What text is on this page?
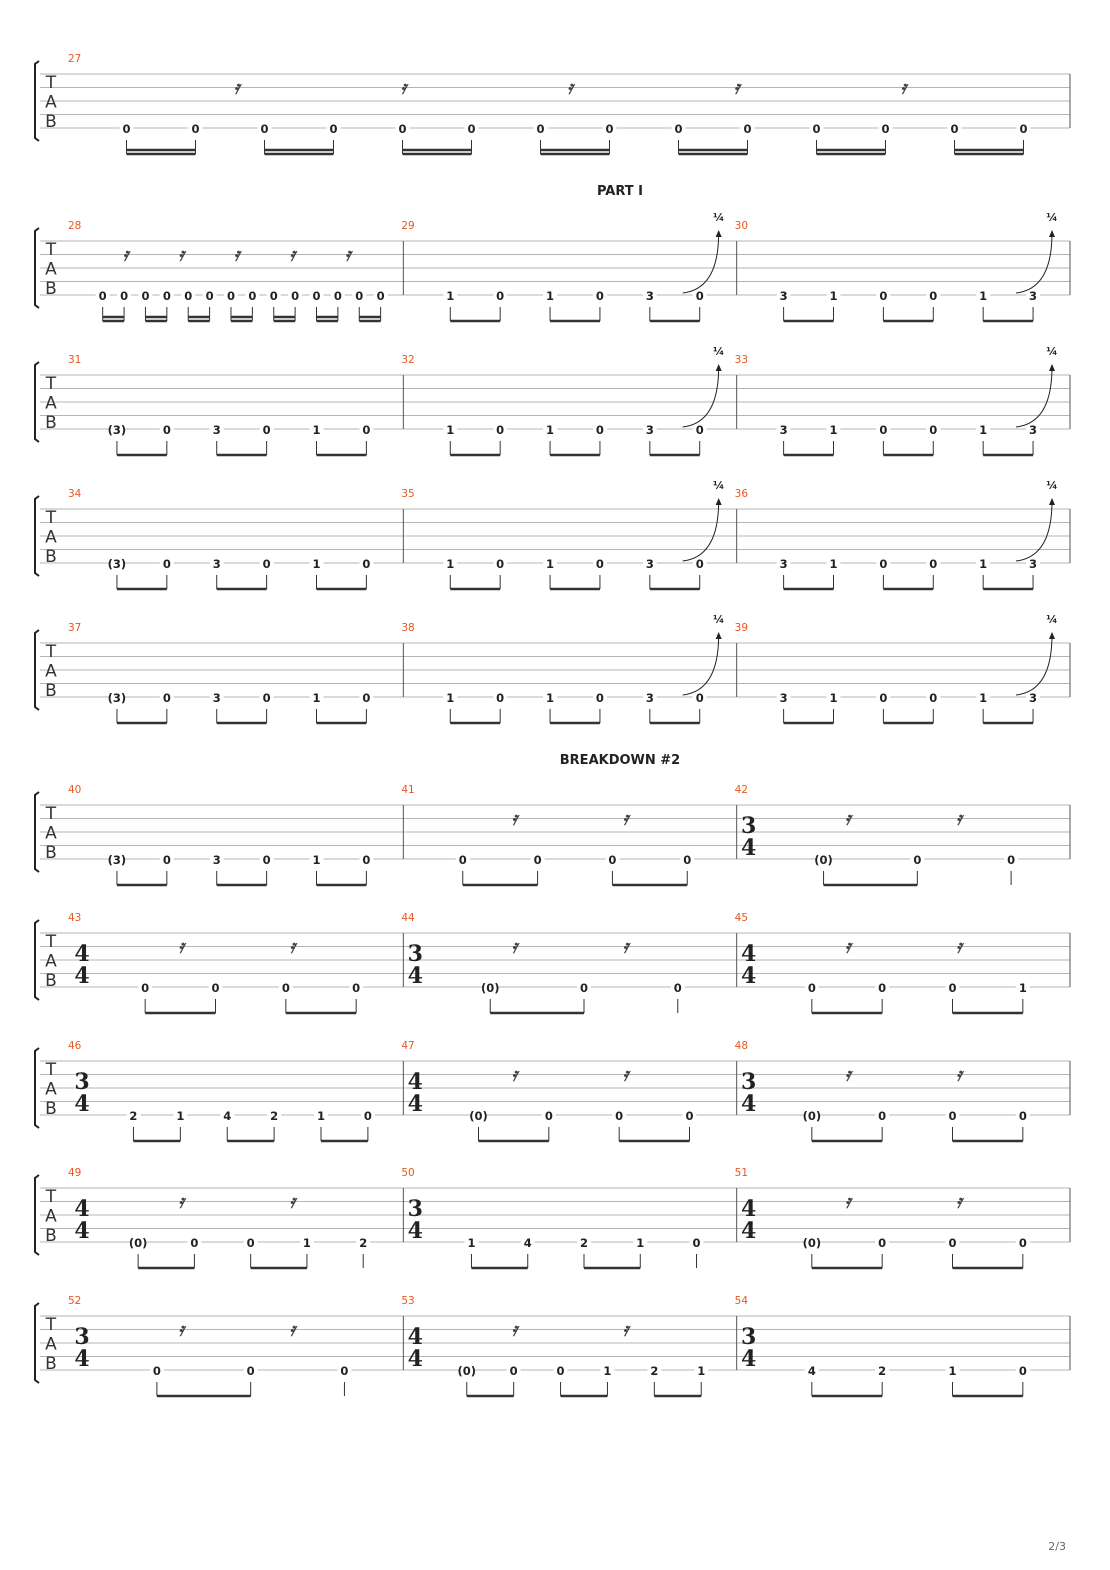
T
A
B
27
0	0	0	0	0	0	0	0	0	0	0	0	0	0
𝄿	𝄿	𝄿	𝄿	𝄿
PART I
T
A
B
28
0 0 0 0 0 0 0 0 0 0 0 0 0 0
𝄿	𝄿	𝄿	𝄿	𝄿
29
1	0	1	0	3	0
¼
30
3	1	0	0	1	3
¼
T
A
B
31
(3)	0	3	0	1	0
32
1	0	1	0	3	0
¼
33
3	1	0	0	1	3
¼
T
A
B
34
(3)	0	3	0	1	0
35
1	0	1	0	3	0
¼
36
3	1	0	0	1	3
¼
T
A
B
37
(3)	0	3	0	1	0
38
1	0	1	0	3	0
¼
39
3	1	0	0	1	3
¼
BREAKDOWN #2
T
A
B
40
(3)	0	3	0	1	0
41
0	0	0	0
𝄿	𝄿
42
3
4	(0)	0	0
𝄿	𝄿
T
A
B
43
4
4	0	0	0	0
𝄿	𝄿
44
3
4	(0)	0	0
𝄿	𝄿
45
4
4	0	0	0	1
𝄿	𝄿
T
A
B
46
3
4	2	1	4	2	1	0
47
4
4	(0)	0	0	0
𝄿	𝄿
48
3
4	(0)	0	0	0
𝄿	𝄿
T
A
B
49
4
4	(0)	0	0	1	2
𝄿	𝄿
50
3
4	1	4	2	1	0
51
4
4	(0)	0	0	0
𝄿	𝄿
T
A
B
52
3
4	0	0	0
𝄿	𝄿
53
4
4	(0)	0	0	1	2	1
𝄿	𝄿
54
3
4	4	2	1	0
2/3
